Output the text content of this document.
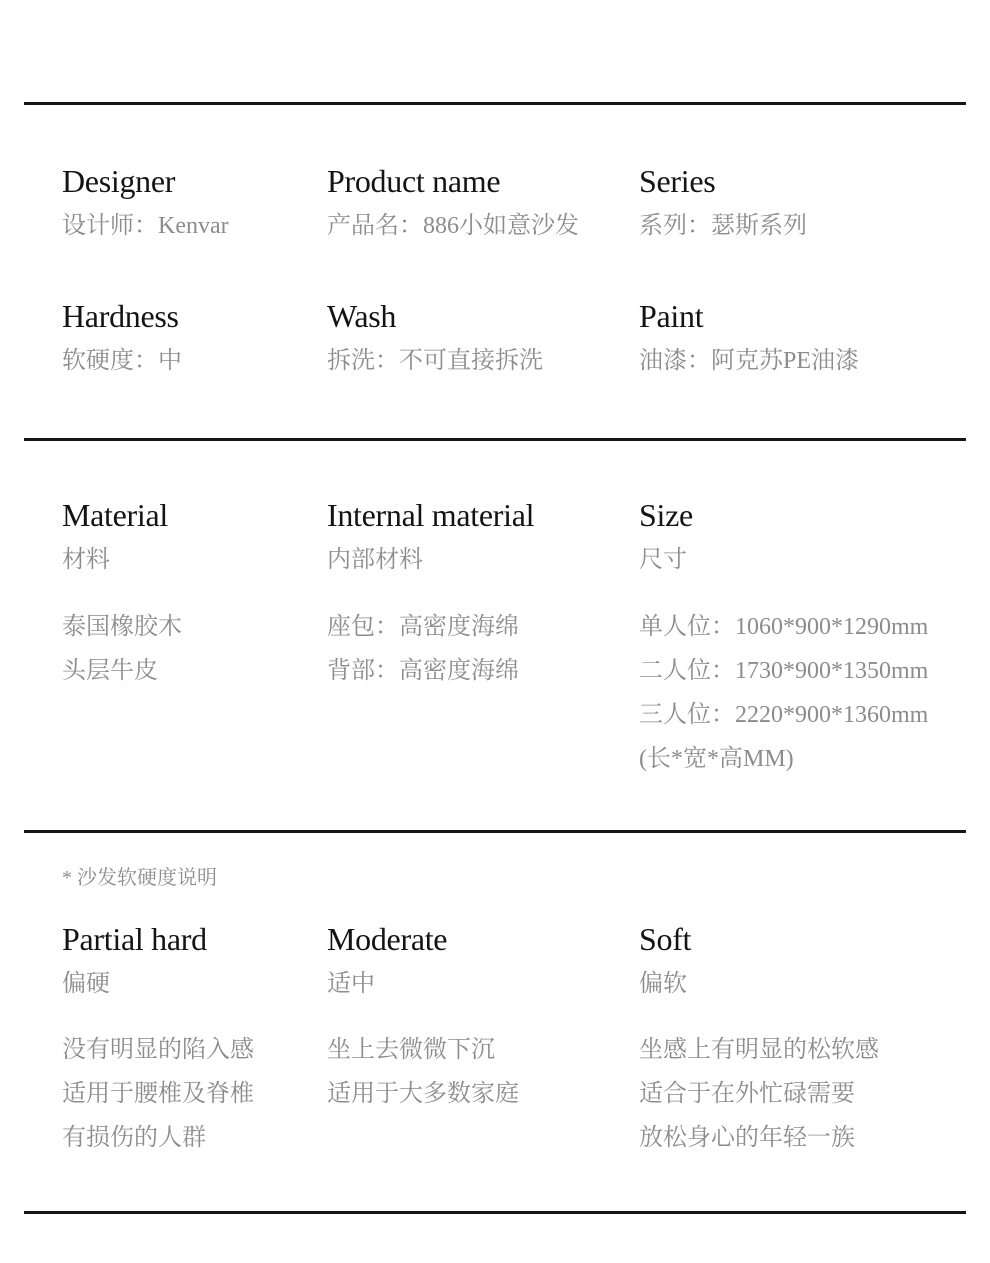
Designer
设计师：Kenvar
Product name
产品名：886小如意沙发
Series
系列：瑟斯系列
Hardness
软硬度：中
Wash
拆洗：不可直接拆洗
Paint
油漆：阿克苏PE油漆
Material
材料
泰国橡胶木
头层牛皮
Internal material
内部材料
座包：高密度海绵
背部：高密度海绵
Size
尺寸
单人位：1060*900*1290mm
二人位：1730*900*1350mm
三人位：2220*900*1360mm
(长*宽*高MM)
* 沙发软硬度说明
Partial hard
偏硬
没有明显的陷入感
适用于腰椎及脊椎
有损伤的人群
Moderate
适中
坐上去微微下沉
适用于大多数家庭
Soft
偏软
坐感上有明显的松软感
适合于在外忙碌需要
放松身心的年轻一族
